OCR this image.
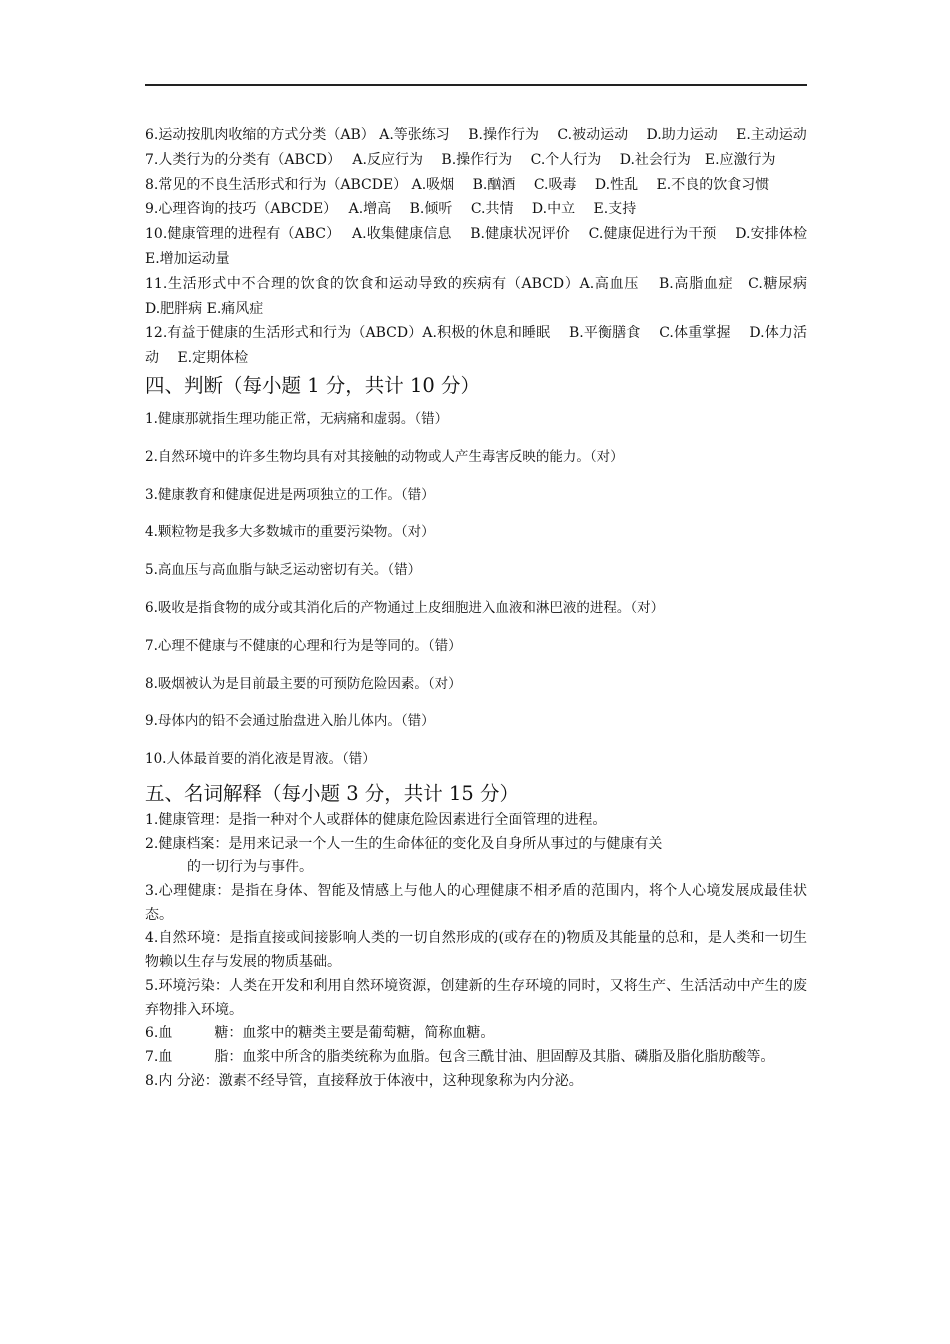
6.运动按肌肉收缩的方式分类（AB） A.等张练习　 B.操作行为　 C.被动运动　 D.助力运动　 E.主动运动

7.人类行为的分类有（ABCD）　 A.反应行为　 B.操作行为　 C.个人行为　 D.社会行为　E.应激行为

8.常见的不良生活形式和行为（ABCDE） A.吸烟　 B.酗酒　 C.吸毒　 D.性乱　 E.不良的饮食习惯

9.心理咨询的技巧（ABCDE）　 A.增高　 B.倾听　 C.共情　 D.中立　 E.支持

10.健康管理的进程有（ABC）　 A.收集健康信息　 B.健康状况评价　 C.健康促进行为干预　 D.安排体检　 E.增加运动量

11.生活形式中不合理的饮食的饮食和运动导致的疾病有（ABCD）A.高血压　 B.高脂血症　C.糖尿病　 D.肥胖病 E.痛风症

12.有益于健康的生活形式和行为（ABCD）A.积极的休息和睡眠　 B.平衡膳食　 C.体重掌握　 D.体力活动　 E.定期体检

四、判断（每小题 1 分，共计 10 分）

1.健康那就指生理功能正常，无病痛和虚弱。（错）

2.自然环境中的许多生物均具有对其接触的动物或人产生毒害反映的能力。（对）

3.健康教育和健康促进是两项独立的工作。（错）

4.颗粒物是我多大多数城市的重要污染物。（对）

5.高血压与高血脂与缺乏运动密切有关。（错）

6.吸收是指食物的成分或其消化后的产物通过上皮细胞进入血液和淋巴液的进程。（对）

7.心理不健康与不健康的心理和行为是等同的。（错）

8.吸烟被认为是目前最主要的可预防危险因素。（对）

9.母体内的铅不会通过胎盘进入胎儿体内。（错）

10.人体最首要的消化液是胃液。（错）

五、名词解释（每小题 3 分，共计 15 分）

1.健康管理：是指一种对个人或群体的健康危险因素进行全面管理的进程。

2.健康档案：是用来记录一个人一生的生命体征的变化及自身所从事过的与健康有关

的一切行为与事件。

3.心理健康：是指在身体、智能及情感上与他人的心理健康不相矛盾的范围内，将个人心境发展成最佳状态。

4.自然环境：是指直接或间接影响人类的一切自然形成的(或存在的)物质及其能量的总和，是人类和一切生物赖以生存与发展的物质基础。

5.环境污染：人类在开发和利用自然环境资源，创建新的生存环境的同时，又将生产、生活活动中产生的废弃物排入环境。

6.血　　　糖：血浆中的糖类主要是葡萄糖，简称血糖。

7.血　　　脂：血浆中所含的脂类统称为血脂。包含三酰甘油、胆固醇及其脂、磷脂及脂化脂肪酸等。

8.内 分泌：激素不经导管，直接释放于体液中，这种现象称为内分泌。
